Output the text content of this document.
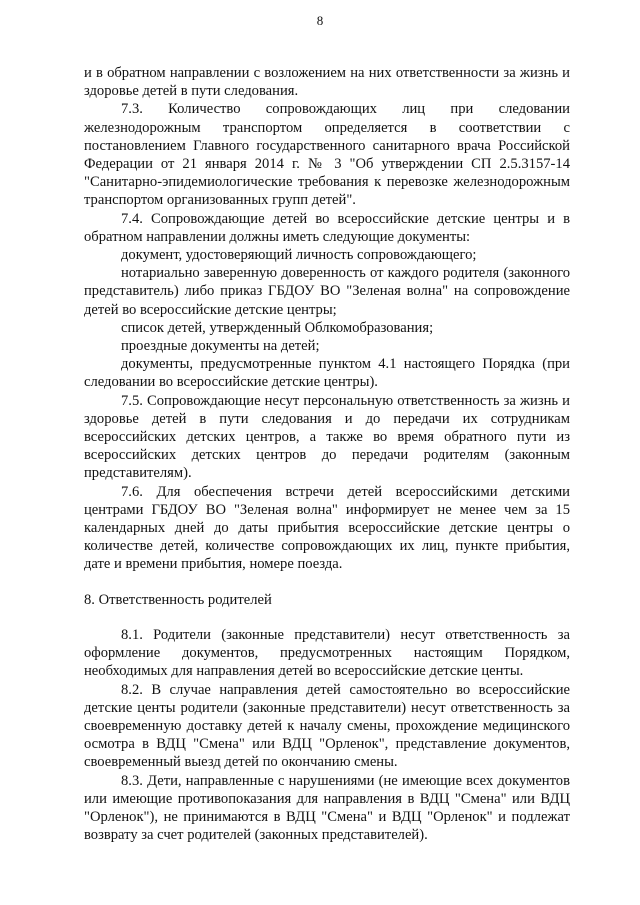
8

и в обратном направлении с возложением на них ответственности за жизнь и здоровье детей в пути следования.

7.3. Количество сопровождающих лиц при следовании железнодорожным транспортом определяется в соответствии с постановлением Главного государственного санитарного врача Российской Федерации от 21 января 2014 г. № 3 "Об утверждении СП 2.5.3157-14 "Санитарно-эпидемиологические требования к перевозке железнодорожным транспортом организованных групп детей".

7.4. Сопровождающие детей во всероссийские детские центры и в обратном направлении должны иметь следующие документы:

документ, удостоверяющий личность сопровождающего;

нотариально заверенную доверенность от каждого родителя (законного представитель) либо приказ ГБДОУ ВО "Зеленая волна" на сопровождение детей во всероссийские детские центры;

список детей, утвержденный Облкомобразования;

проездные документы на детей;

документы, предусмотренные пунктом 4.1 настоящего Порядка (при следовании во всероссийские детские центры).

7.5. Сопровождающие несут персональную ответственность за жизнь и здоровье детей в пути следования и до передачи их сотрудникам всероссийских детских центров, а также во время обратного пути из всероссийских детских центров до передачи родителям (законным представителям).

7.6. Для обеспечения встречи детей всероссийскими детскими центрами ГБДОУ ВО "Зеленая волна" информирует не менее чем за 15 календарных дней до даты прибытия всероссийские детские центры о количестве детей, количестве сопровождающих их лиц, пункте прибытия, дате и времени прибытия, номере поезда.

8. Ответственность родителей

8.1. Родители (законные представители) несут ответственность за оформление документов, предусмотренных настоящим Порядком, необходимых для направления детей во всероссийские детские центы.

8.2. В случае направления детей самостоятельно во всероссийские детские центы родители (законные представители) несут ответственность за своевременную доставку детей к началу смены, прохождение медицинского осмотра в ВДЦ "Смена" или ВДЦ "Орленок", представление документов, своевременный выезд детей по окончанию смены.

8.3. Дети, направленные с нарушениями (не имеющие всех документов или имеющие противопоказания для направления в ВДЦ "Смена" или ВДЦ "Орленок"), не принимаются в ВДЦ "Смена" и ВДЦ "Орленок" и подлежат возврату за счет родителей (законных представителей).
